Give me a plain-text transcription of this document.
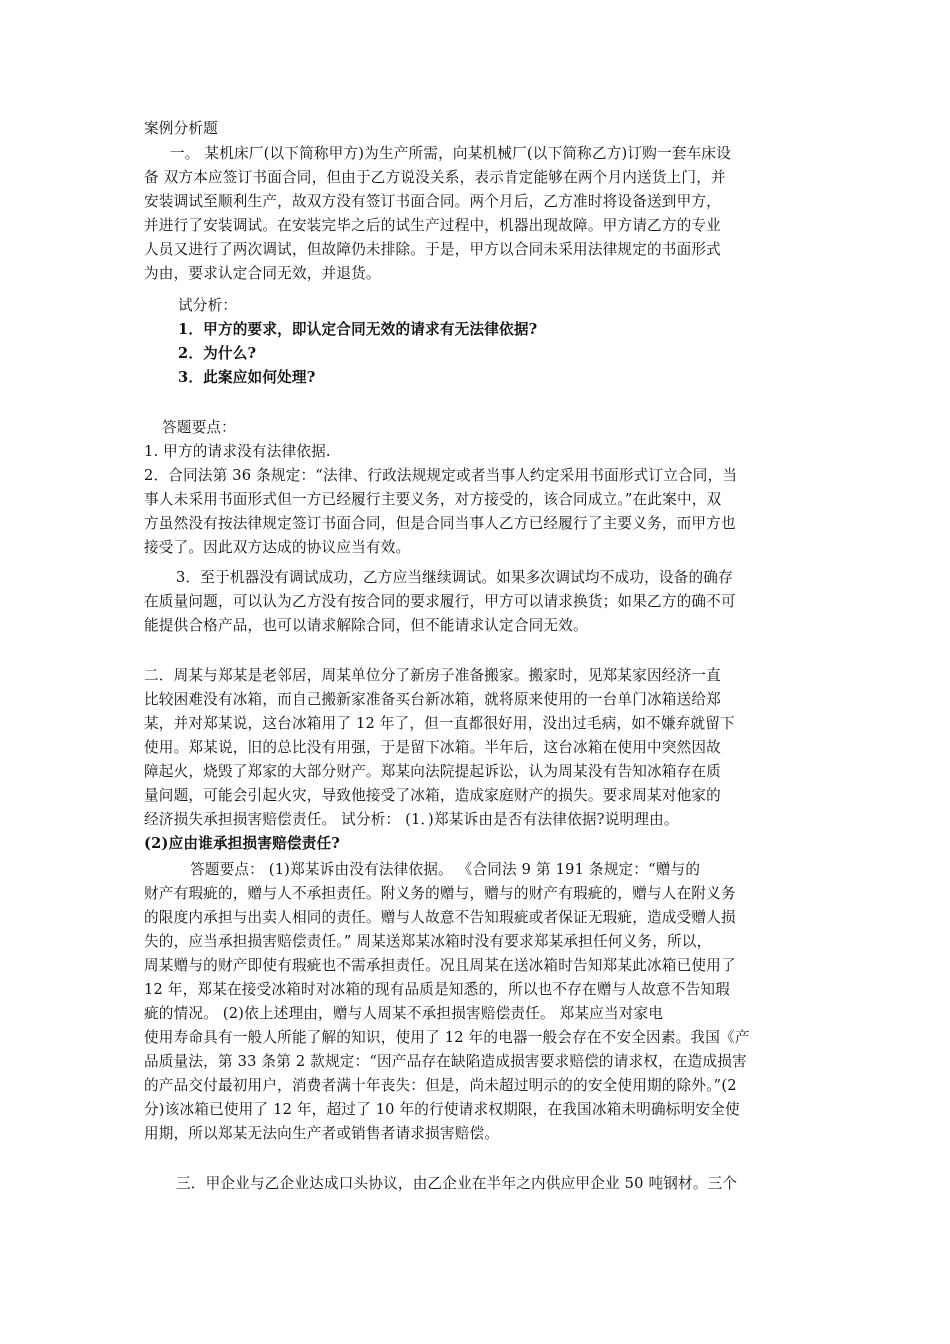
案例分析题
一。 某机床厂(以下简称甲方)为生产所需，向某机械厂(以下简称乙方)订购一套车床设
备 双方本应签订书面合同，但由于乙方说没关系，表示肯定能够在两个月内送货上门，并
安装调试至顺利生产，故双方没有签订书面合同。两个月后，乙方准时将设备送到甲方，
并进行了安装调试。在安装完毕之后的试生产过程中，机器出现故障。甲方请乙方的专业
人员又进行了两次调试，但故障仍未排除。于是，甲方以合同未采用法律规定的书面形式
为由，要求认定合同无效，并退货。
试分析：
1．甲方的要求，即认定合同无效的请求有无法律依据?
2．为什么?
3．此案应如何处理?
答题要点：
1. 甲方的请求没有法律依据.
2．合同法第 36 条规定：“法律、行政法规规定或者当事人约定采用书面形式订立合同，当
事人未采用书面形式但一方已经履行主要义务，对方接受的，该合同成立。”在此案中，双
方虽然没有按法律规定签订书面合同，但是合同当事人乙方已经履行了主要义务，而甲方也
接受了。因此双方达成的协议应当有效。
3．至于机器没有调试成功，乙方应当继续调试。如果多次调试均不成功，设备的确存
在质量问题，可以认为乙方没有按合同的要求履行，甲方可以请求换货；如果乙方的确不可
能提供合格产品，也可以请求解除合同，但不能请求认定合同无效。
二．周某与郑某是老邻居，周某单位分了新房子准备搬家。搬家时，见郑某家因经济一直
比较困难没有冰箱，而自己搬新家准备买台新冰箱，就将原来使用的一台单门冰箱送给郑
某，并对郑某说，这台冰箱用了 12 年了，但一直都很好用，没出过毛病，如不嫌弃就留下
使用。郑某说，旧的总比没有用强，于是留下冰箱。半年后，这台冰箱在使用中突然因故
障起火，烧毁了郑家的大部分财产。郑某向法院提起诉讼，认为周某没有告知冰箱存在质
量问题，可能会引起火灾，导致他接受了冰箱，造成家庭财产的损失。要求周某对他家的
经济损失承担损害赔偿责任。 试分析： (1．)郑某诉由是否有法律依据?说明理由。
(2)应由谁承担损害赔偿责任?
答题要点： (1)郑某诉由没有法律依据。 《合同法 9 第 191 条规定：“赠与的
财产有瑕疵的，赠与人不承担责任。附义务的赠与，赠与的财产有瑕疵的，赠与人在附义务
的限度内承担与出卖人相同的责任。赠与人故意不告知瑕疵或者保证无瑕疵，造成受赠人损
失的，应当承担损害赔偿责任。” 周某送郑某冰箱时没有要求郑某承担任何义务，所以，
周某赠与的财产即使有瑕疵也不需承担责任。况且周某在送冰箱时告知郑某此冰箱已使用了
12 年，郑某在接受冰箱时对冰箱的现有品质是知悉的，所以也不存在赠与人故意不告知瑕
疵的情况。 (2)依上述理由，赠与人周某不承担损害赔偿责任。 郑某应当对家电
使用寿命具有一般人所能了解的知识，使用了 12 年的电器一般会存在不安全因素。我国《产
品质量法，第 33 条第 2 款规定：“因产品存在缺陷造成损害要求赔偿的请求权，在造成损害
的产品交付最初用户，消费者满十年丧失：但是，尚未超过明示的的安全使用期的除外。”(2
分)该冰箱已使用了 12 年，超过了 10 年的行使请求权期限，在我国冰箱未明确标明安全使
用期，所以郑某无法向生产者或销售者请求损害赔偿。
三．甲企业与乙企业达成口头协议，由乙企业在半年之内供应甲企业 50 吨钢材。三个
